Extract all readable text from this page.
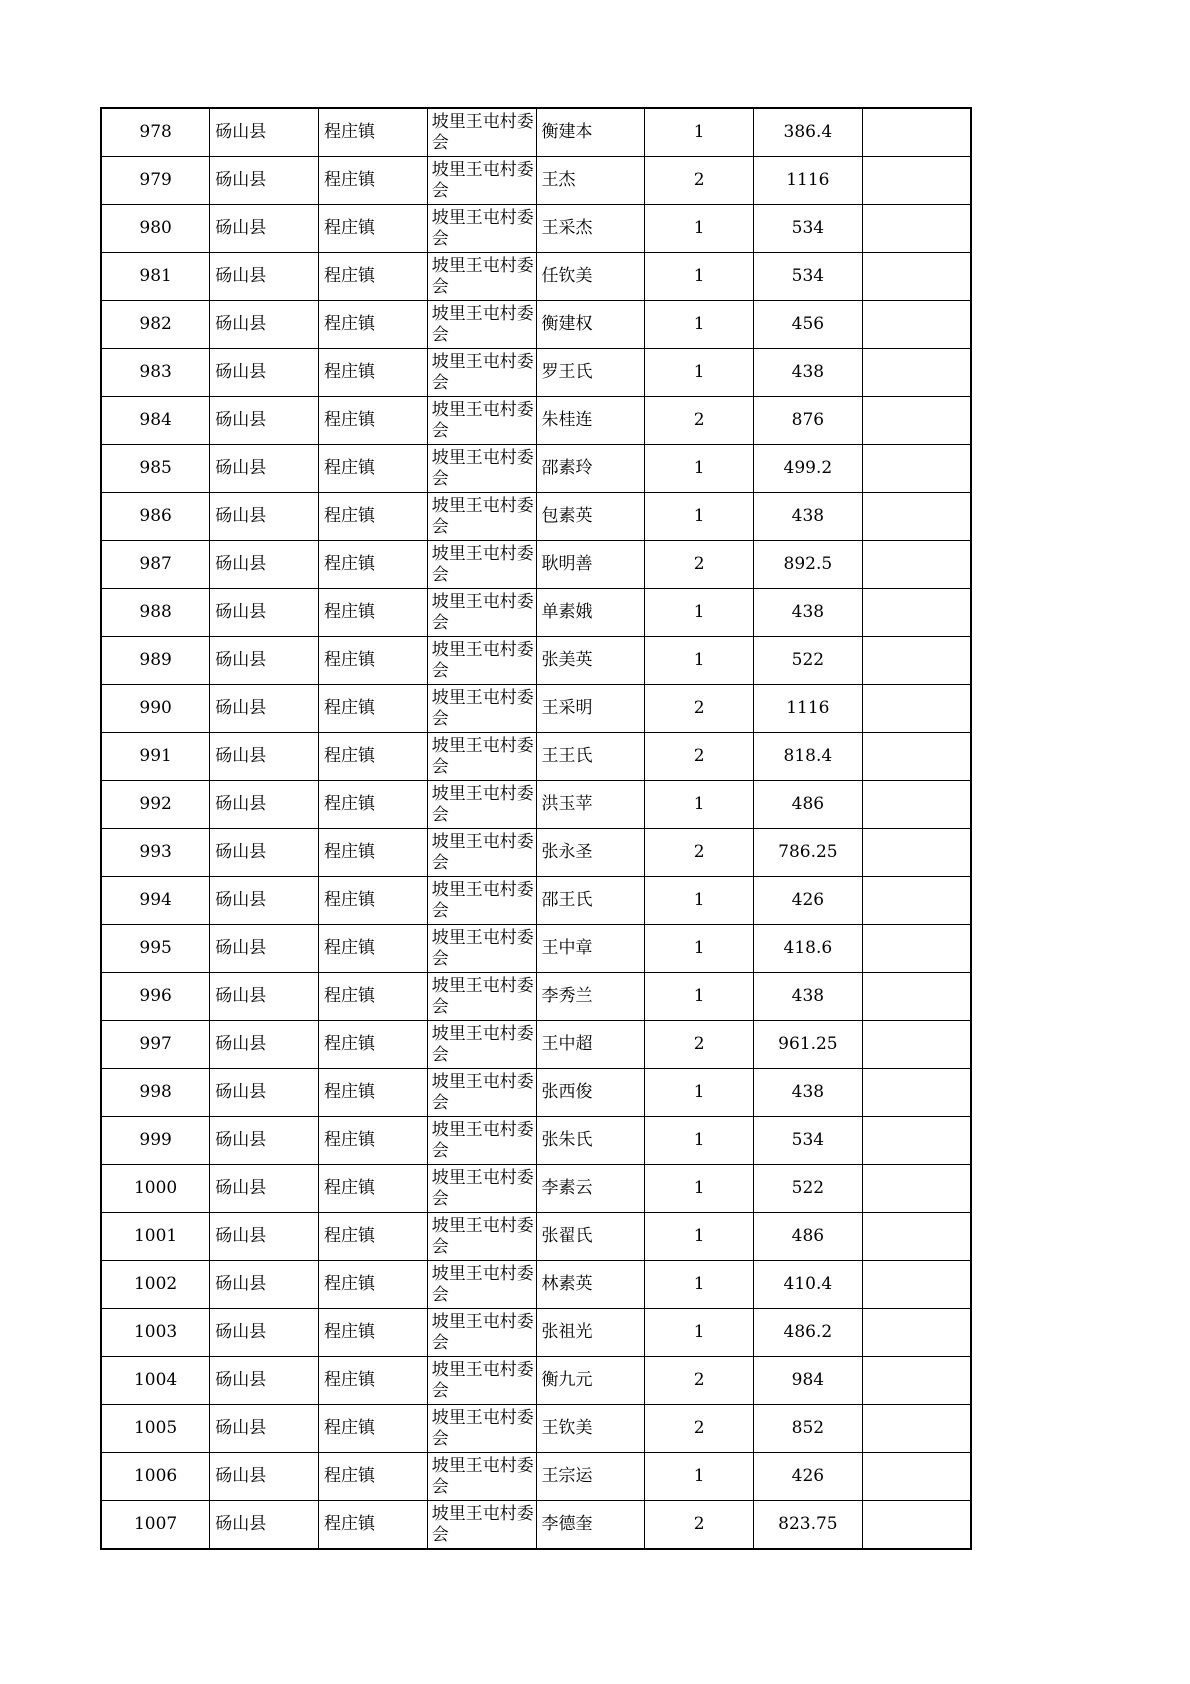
978	砀山县	程庄镇	坡里王屯村委会	衡建本	1	386.4	
979	砀山县	程庄镇	坡里王屯村委会	王杰	2	1116	
980	砀山县	程庄镇	坡里王屯村委会	王采杰	1	534	
981	砀山县	程庄镇	坡里王屯村委会	任钦美	1	534	
982	砀山县	程庄镇	坡里王屯村委会	衡建权	1	456	
983	砀山县	程庄镇	坡里王屯村委会	罗王氏	1	438	
984	砀山县	程庄镇	坡里王屯村委会	朱桂连	2	876	
985	砀山县	程庄镇	坡里王屯村委会	邵素玲	1	499.2	
986	砀山县	程庄镇	坡里王屯村委会	包素英	1	438	
987	砀山县	程庄镇	坡里王屯村委会	耿明善	2	892.5	
988	砀山县	程庄镇	坡里王屯村委会	单素娥	1	438	
989	砀山县	程庄镇	坡里王屯村委会	张美英	1	522	
990	砀山县	程庄镇	坡里王屯村委会	王采明	2	1116	
991	砀山县	程庄镇	坡里王屯村委会	王王氏	2	818.4	
992	砀山县	程庄镇	坡里王屯村委会	洪玉苹	1	486	
993	砀山县	程庄镇	坡里王屯村委会	张永圣	2	786.25	
994	砀山县	程庄镇	坡里王屯村委会	邵王氏	1	426	
995	砀山县	程庄镇	坡里王屯村委会	王中章	1	418.6	
996	砀山县	程庄镇	坡里王屯村委会	李秀兰	1	438	
997	砀山县	程庄镇	坡里王屯村委会	王中超	2	961.25	
998	砀山县	程庄镇	坡里王屯村委会	张西俊	1	438	
999	砀山县	程庄镇	坡里王屯村委会	张朱氏	1	534	
1000	砀山县	程庄镇	坡里王屯村委会	李素云	1	522	
1001	砀山县	程庄镇	坡里王屯村委会	张翟氏	1	486	
1002	砀山县	程庄镇	坡里王屯村委会	林素英	1	410.4	
1003	砀山县	程庄镇	坡里王屯村委会	张祖光	1	486.2	
1004	砀山县	程庄镇	坡里王屯村委会	衡九元	2	984	
1005	砀山县	程庄镇	坡里王屯村委会	王钦美	2	852	
1006	砀山县	程庄镇	坡里王屯村委会	王宗运	1	426	
1007	砀山县	程庄镇	坡里王屯村委会	李德奎	2	823.75	
